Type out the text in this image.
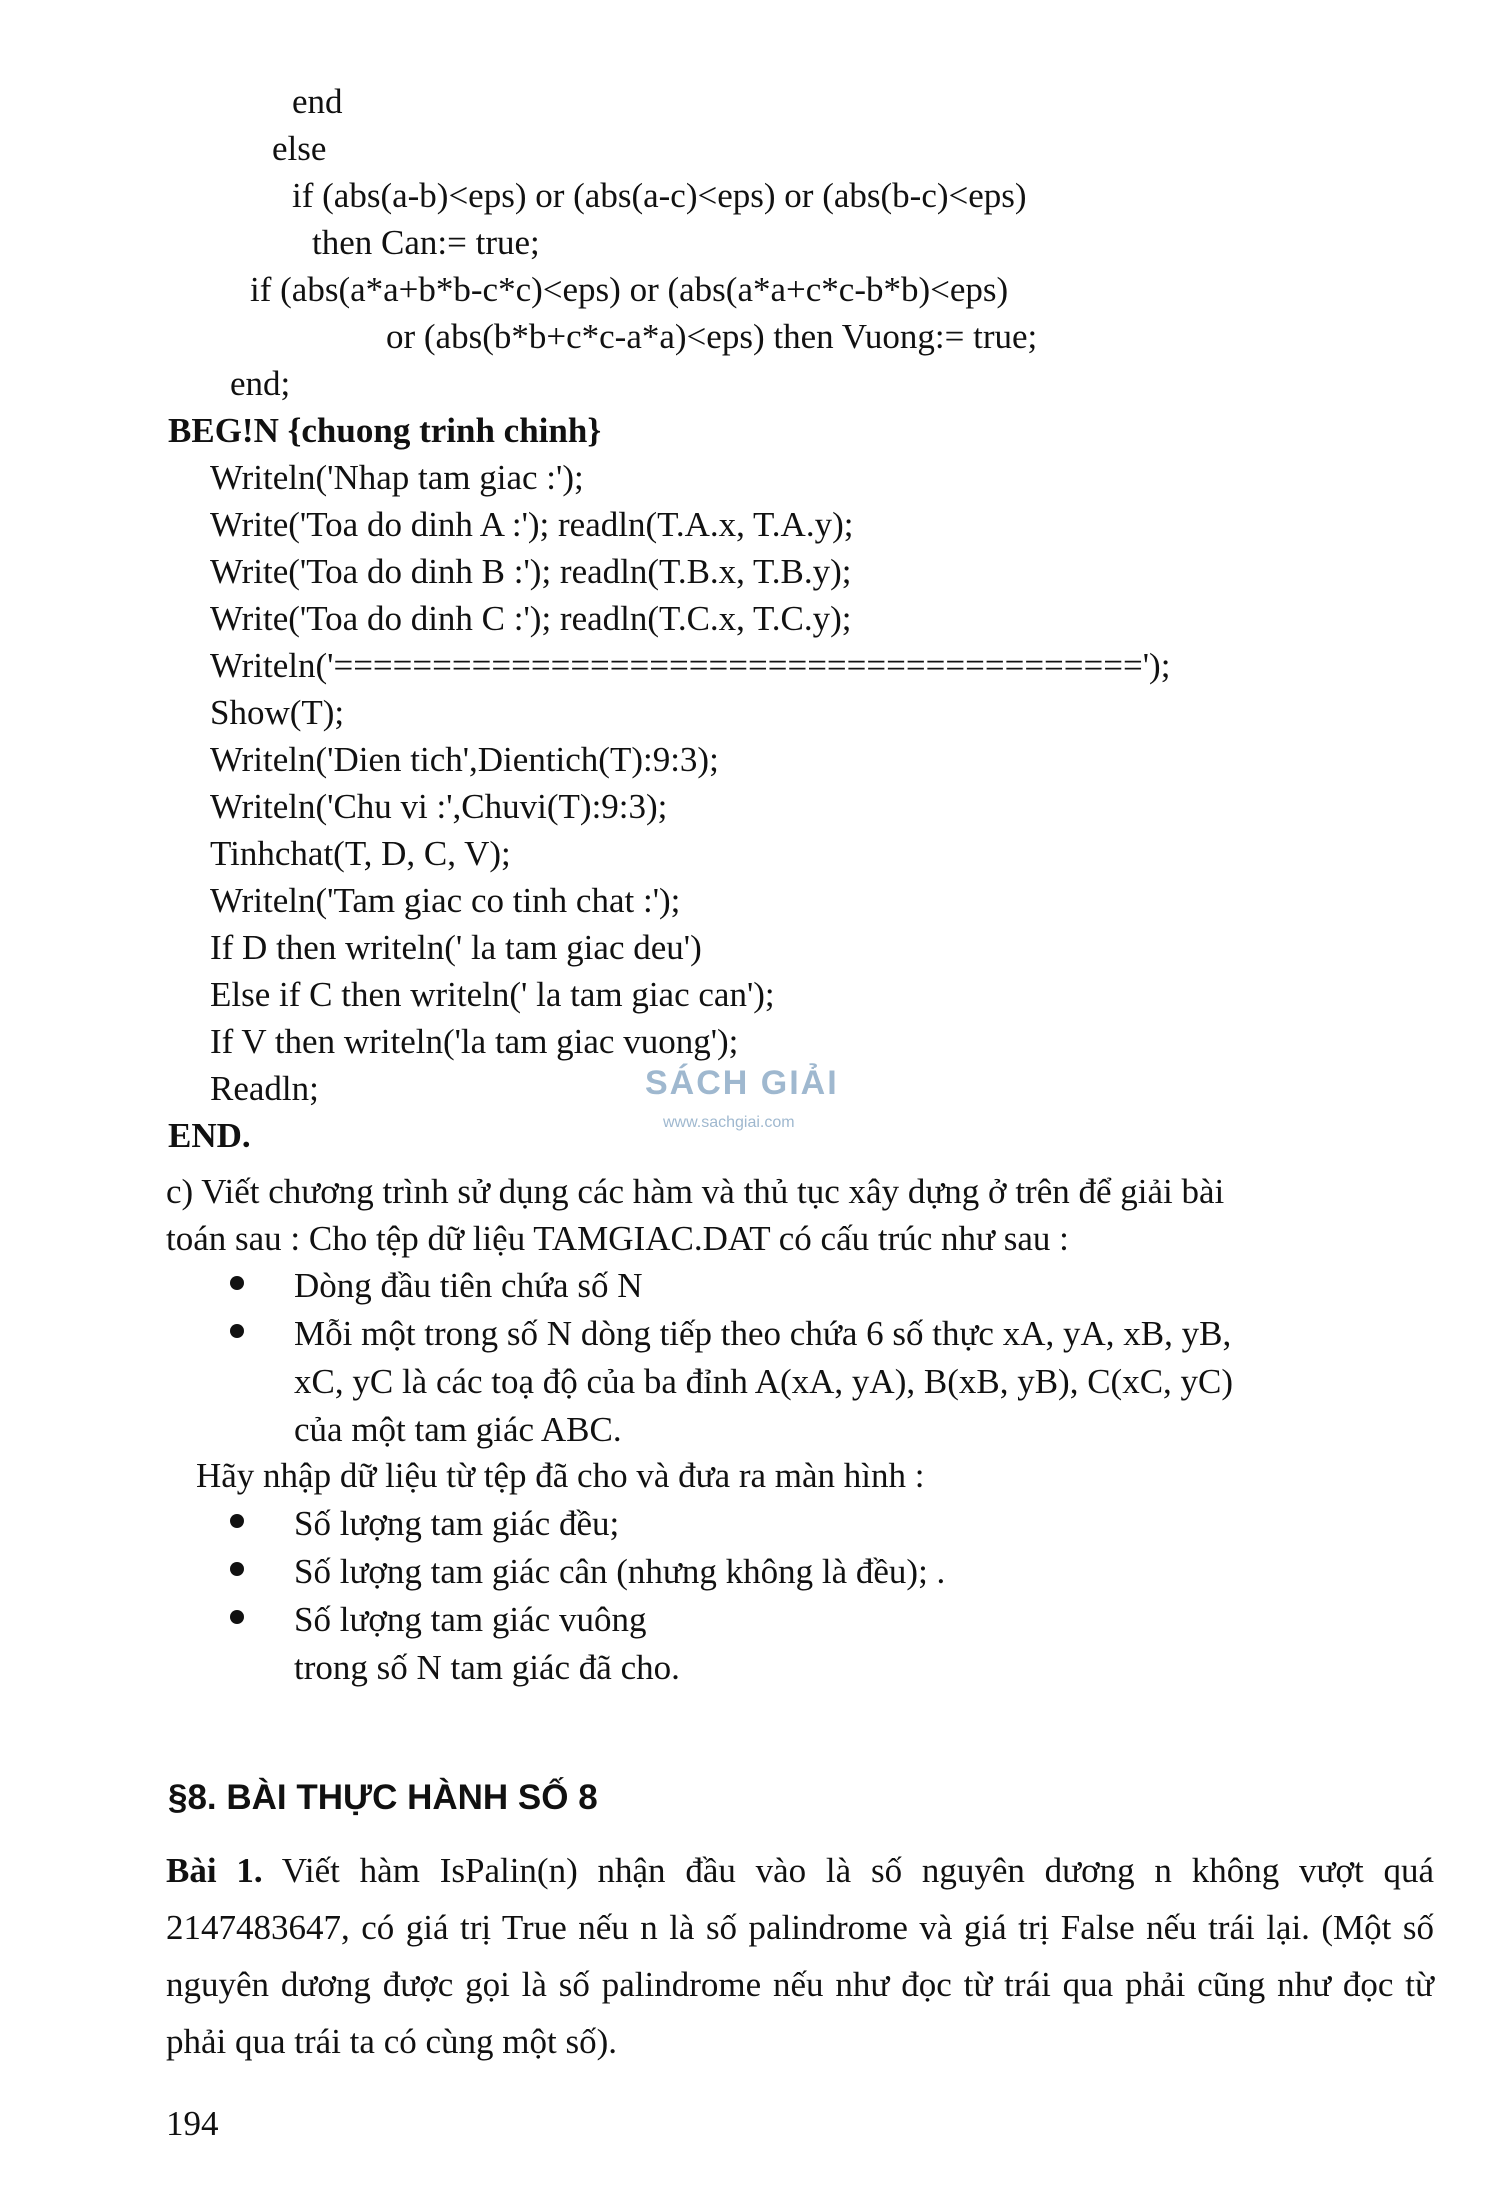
end
else
if (abs(a-b)<eps) or (abs(a-c)<eps) or (abs(b-c)<eps)
then Can:= true;
if (abs(a*a+b*b-c*c)<eps) or (abs(a*a+c*c-b*b)<eps)
or (abs(b*b+c*c-a*a)<eps) then Vuong:= true;
end;
BEG!N {chuong trinh chinh}
Writeln('Nhap tam giac :');
Write('Toa do dinh A :'); readln(T.A.x, T.A.y);
Write('Toa do dinh B :'); readln(T.B.x, T.B.y);
Write('Toa do dinh C :'); readln(T.C.x, T.C.y);
Writeln('=========================================');
Show(T);
Writeln('Dien tich',Dientich(T):9:3);
Writeln('Chu vi :',Chuvi(T):9:3);
Tinhchat(T, D, C, V);
Writeln('Tam giac co tinh chat :');
If D then writeln(' la tam giac deu')
Else if C then writeln(' la tam giac can');
If V then writeln('la tam giac vuong');
Readln;
END.
SÁCH GIẢI
www.sachgiai.com
c) Viết chương trình sử dụng các hàm và thủ tục xây dựng ở trên để giải bài
toán sau : Cho tệp dữ liệu TAMGIAC.DAT có cấu trúc như sau :
Dòng đầu tiên chứa số N
Mỗi một trong số N dòng tiếp theo chứa 6 số thực xA, yA, xB, yB,
xC, yC là các toạ độ của ba đỉnh A(xA, yA), B(xB, yB), C(xC, yC)
của một tam giác ABC.
Hãy nhập dữ liệu từ tệp đã cho và đưa ra màn hình :
Số lượng tam giác đều;
Số lượng tam giác cân (nhưng không là đều); .
Số lượng tam giác vuông
trong số N tam giác đã cho.
§8. BÀI THỰC HÀNH SỐ 8
Bài 1. Viết hàm IsPalin(n) nhận đầu vào là số nguyên dương n không vượt quá 2147483647, có giá trị True nếu n là số palindrome và giá trị False nếu trái lại. (Một số nguyên dương được gọi là số palindrome nếu như đọc từ trái qua phải cũng như đọc từ phải qua trái ta có cùng một số).
194
